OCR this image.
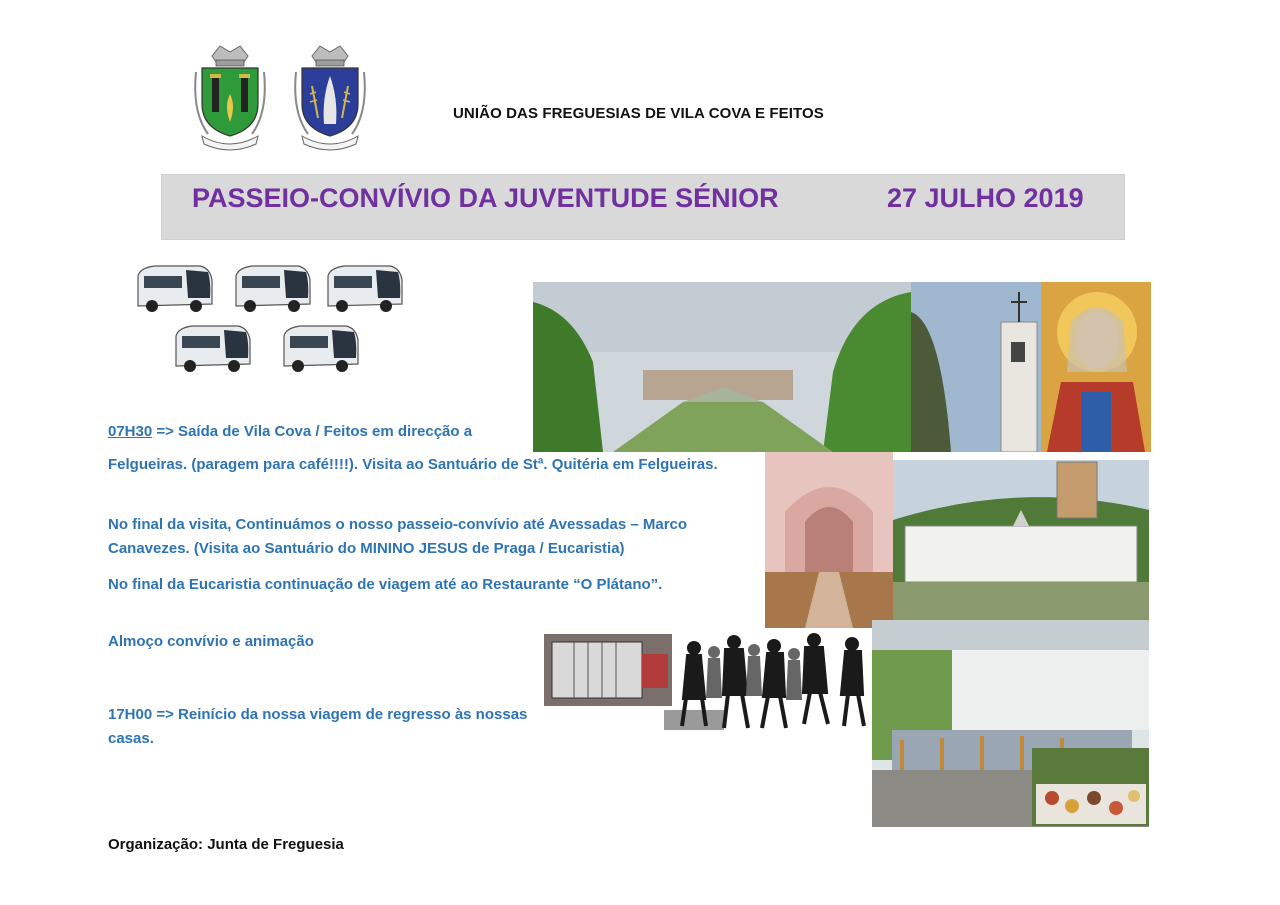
UNIÃO DAS FREGUESIAS DE VILA COVA E FEITOS
PASSEIO-CONVÍVIO DA JUVENTUDE SÉNIOR	27 JULHO 2019
07H30 => Saída de Vila Cova / Feitos em direcção a
Felgueiras. (paragem para café!!!!). Visita ao Santuário de Stª. Quitéria em Felgueiras.
No final da visita, Continuámos o nosso passeio-convívio até Avessadas – Marco Canavezes. (Visita ao Santuário do MININO JESUS de Praga / Eucaristia)
No final da Eucaristia continuação de viagem até ao Restaurante “O Plátano”.
Almoço convívio e animação
17H00 => Reinício da nossa viagem de regresso às nossas casas.
Organização: Junta de Freguesia
